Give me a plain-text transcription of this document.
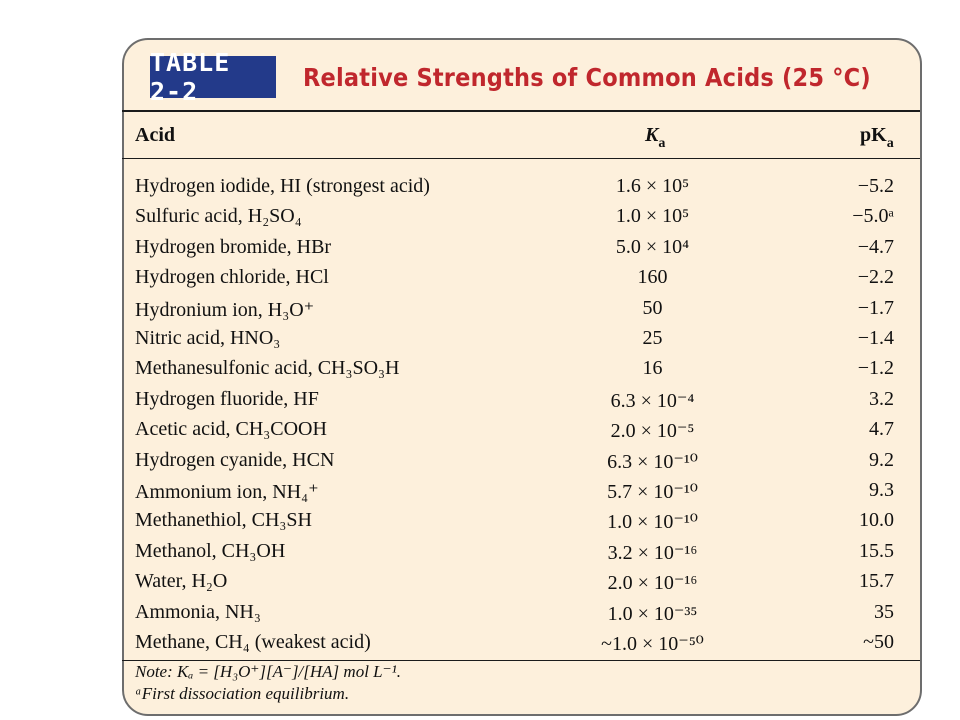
TABLE 2-2	Relative Strengths of Common Acids (25 °C)
Acid	$K_a$	$pK_a$
Hydrogen iodide, HI (strongest acid)	1.6 × 10⁵	−5.2
Sulfuric acid, H₂SO₄	1.0 × 10⁵	−5.0ᵃ
Hydrogen bromide, HBr	5.0 × 10⁴	−4.7
Hydrogen chloride, HCl	160	−2.2
Hydronium ion, H₃O⁺	50	−1.7
Nitric acid, HNO₃	25	−1.4
Methanesulfonic acid, CH₃SO₃H	16	−1.2
Hydrogen fluoride, HF	6.3 × 10⁻⁴	3.2
Acetic acid, CH₃COOH	2.0 × 10⁻⁵	4.7
Hydrogen cyanide, HCN	6.3 × 10⁻¹⁰	9.2
Ammonium ion, NH₄⁺	5.7 × 10⁻¹⁰	9.3
Methanethiol, CH₃SH	1.0 × 10⁻¹⁰	10.0
Methanol, CH₃OH	3.2 × 10⁻¹⁶	15.5
Water, H₂O	2.0 × 10⁻¹⁶	15.7
Ammonia, NH₃	1.0 × 10⁻³⁵	35
Methane, CH₄ (weakest acid)	~1.0 × 10⁻⁵⁰	~50
Note: Kₐ = [H₃O⁺][A⁻]/[HA] mol L⁻¹.
ᵃFirst dissociation equilibrium.
